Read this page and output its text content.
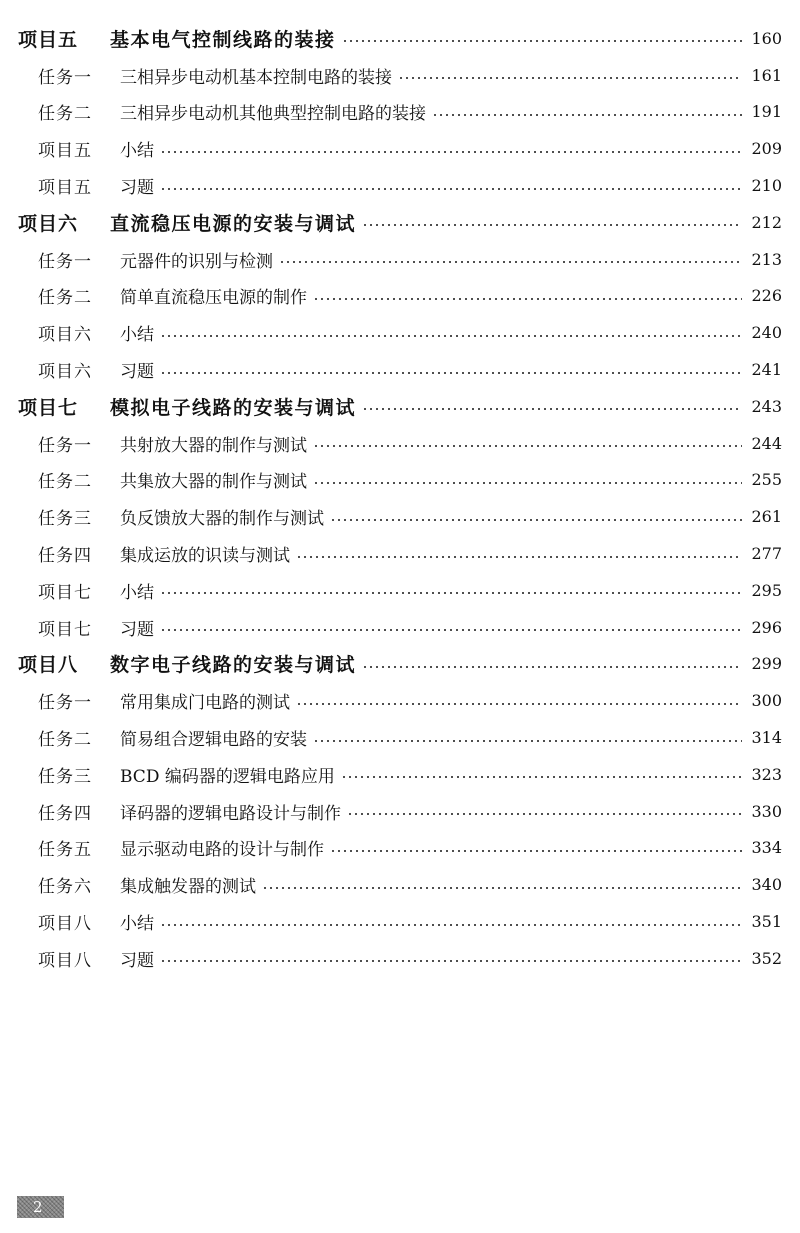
项目五	基本电气控制线路的装接	160
任务一	三相异步电动机基本控制电路的装接	161
任务二	三相异步电动机其他典型控制电路的装接	191
项目五	小结	209
项目五	习题	210
项目六	直流稳压电源的安装与调试	212
任务一	元器件的识别与检测	213
任务二	简单直流稳压电源的制作	226
项目六	小结	240
项目六	习题	241
项目七	模拟电子线路的安装与调试	243
任务一	共射放大器的制作与测试	244
任务二	共集放大器的制作与测试	255
任务三	负反馈放大器的制作与测试	261
任务四	集成运放的识读与测试	277
项目七	小结	295
项目七	习题	296
项目八	数字电子线路的安装与调试	299
任务一	常用集成门电路的测试	300
任务二	简易组合逻辑电路的安装	314
任务三	BCD 编码器的逻辑电路应用	323
任务四	译码器的逻辑电路设计与制作	330
任务五	显示驱动电路的设计与制作	334
任务六	集成触发器的测试	340
项目八	小结	351
项目八	习题	352
2
